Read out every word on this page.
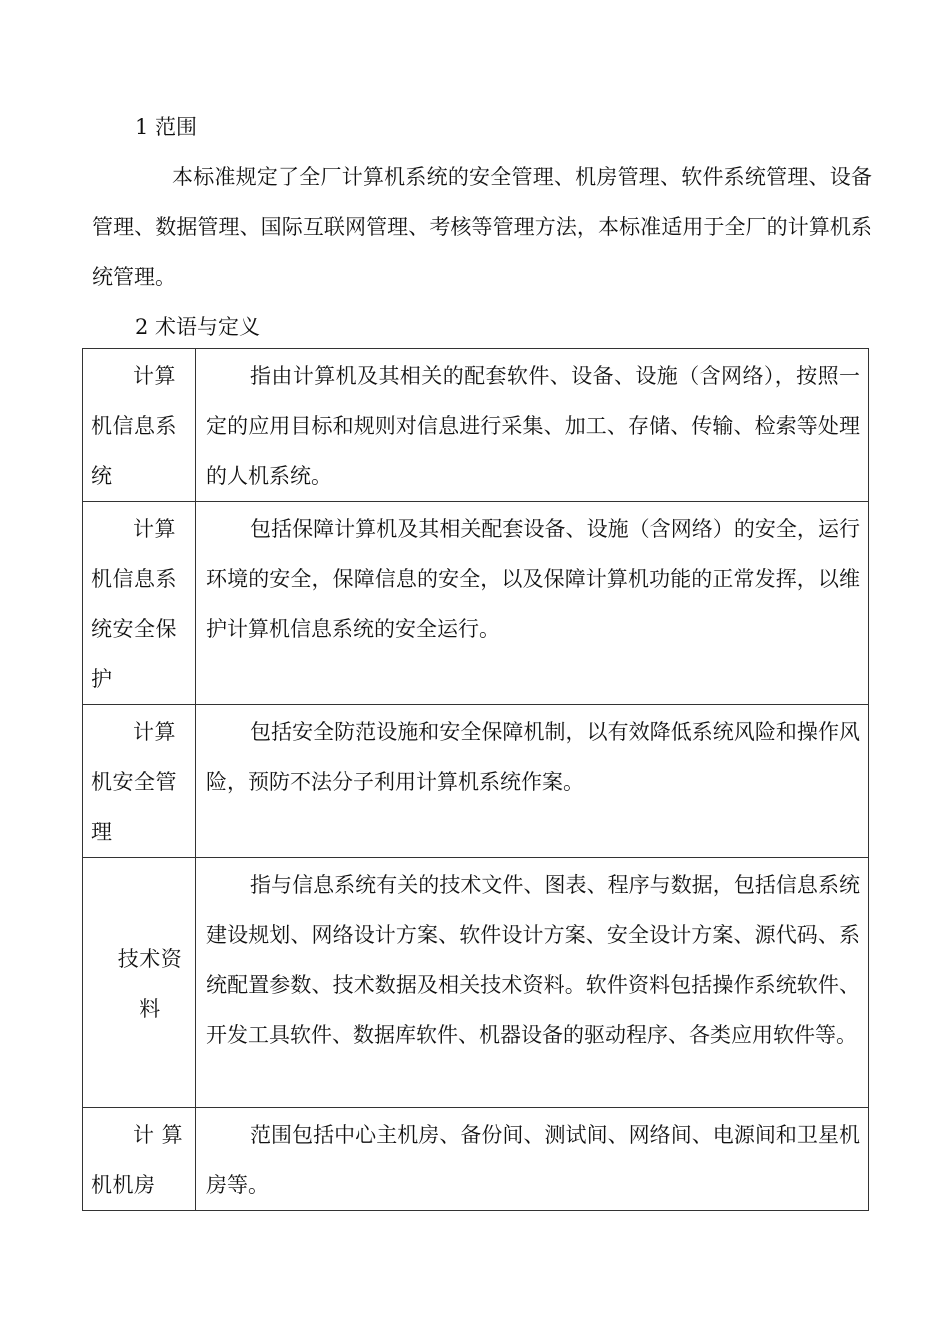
1 范围

本标准规定了全厂计算机系统的安全管理、机房管理、软件系统管理、设备管理、数据管理、国际互联网管理、考核等管理方法，本标准适用于全厂的计算机系统管理。

2 术语与定义
计算机信息系统	指由计算机及其相关的配套软件、设备、设施（含网络），按照一定的应用目标和规则对信息进行采集、加工、存储、传输、检索等处理的人机系统。

计算机信息系统安全保护	包括保障计算机及其相关配套设备、设施（含网络）的安全，运行环境的安全，保障信息的安全，以及保障计算机功能的正常发挥，以维护计算机信息系统的安全运行。

计算机安全管理	包括安全防范设施和安全保障机制，以有效降低系统风险和操作风险，预防不法分子利用计算机系统作案。

技术资料	指与信息系统有关的技术文件、图表、程序与数据，包括信息系统建设规划、网络设计方案、软件设计方案、安全设计方案、源代码、系统配置参数、技术数据及相关技术资料。软件资料包括操作系统软件、开发工具软件、数据库软件、机器设备的驱动程序、各类应用软件等。

计 算机机房	范围包括中心主机房、备份间、测试间、网络间、电源间和卫星机房等。
